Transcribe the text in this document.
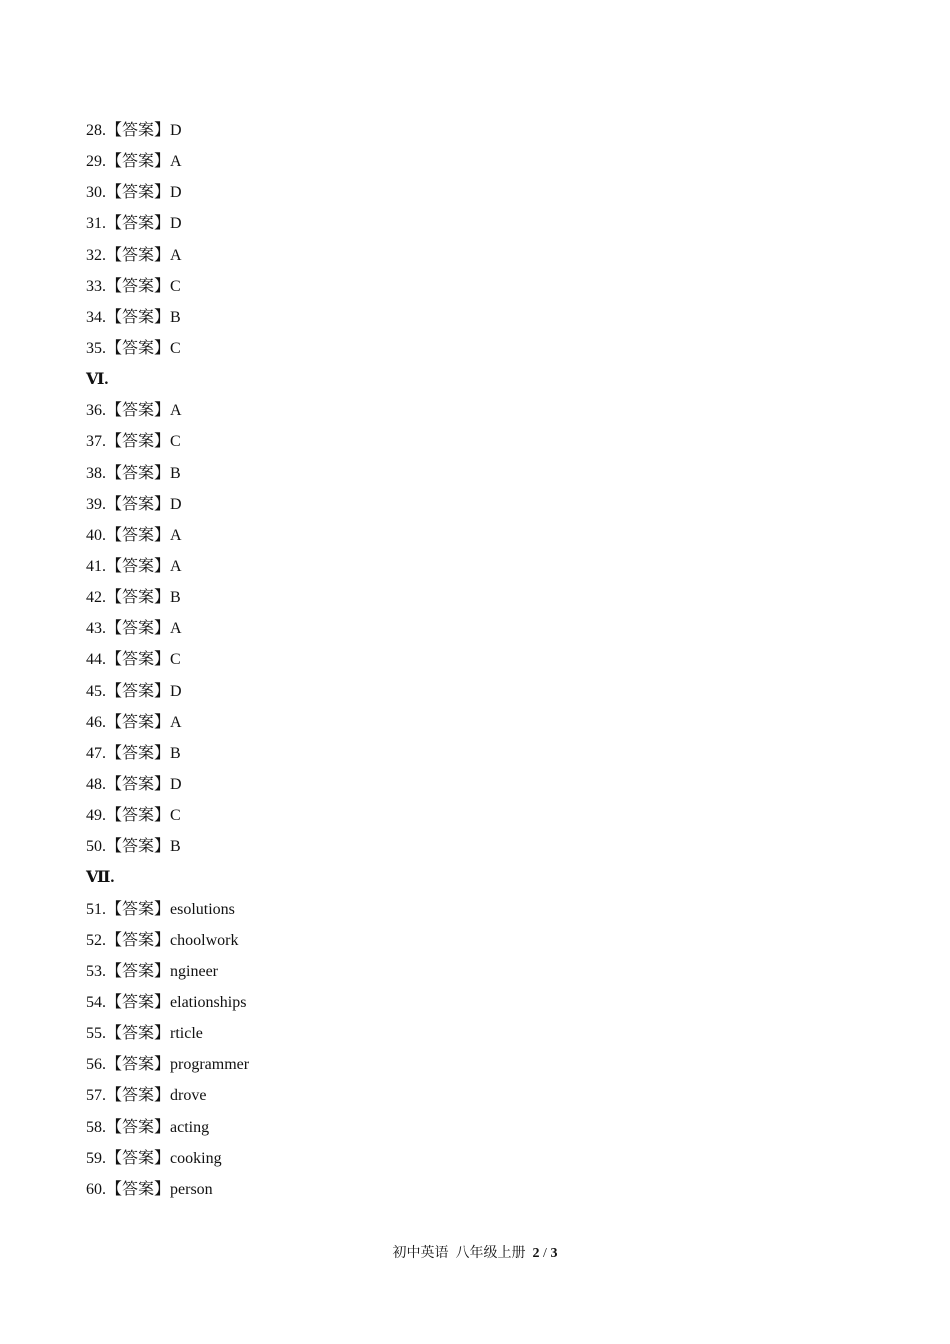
28.【答案】D
29.【答案】A
30.【答案】D
31.【答案】D
32.【答案】A
33.【答案】C
34.【答案】B
35.【答案】C
Ⅵ.
36.【答案】A
37.【答案】C
38.【答案】B
39.【答案】D
40.【答案】A
41.【答案】A
42.【答案】B
43.【答案】A
44.【答案】C
45.【答案】D
46.【答案】A
47.【答案】B
48.【答案】D
49.【答案】C
50.【答案】B
Ⅶ.
51.【答案】esolutions
52.【答案】choolwork
53.【答案】ngineer
54.【答案】elationships
55.【答案】rticle
56.【答案】programmer
57.【答案】drove
58.【答案】acting
59.【答案】cooking
60.【答案】person
初中英语 八年级上册 2 / 3
